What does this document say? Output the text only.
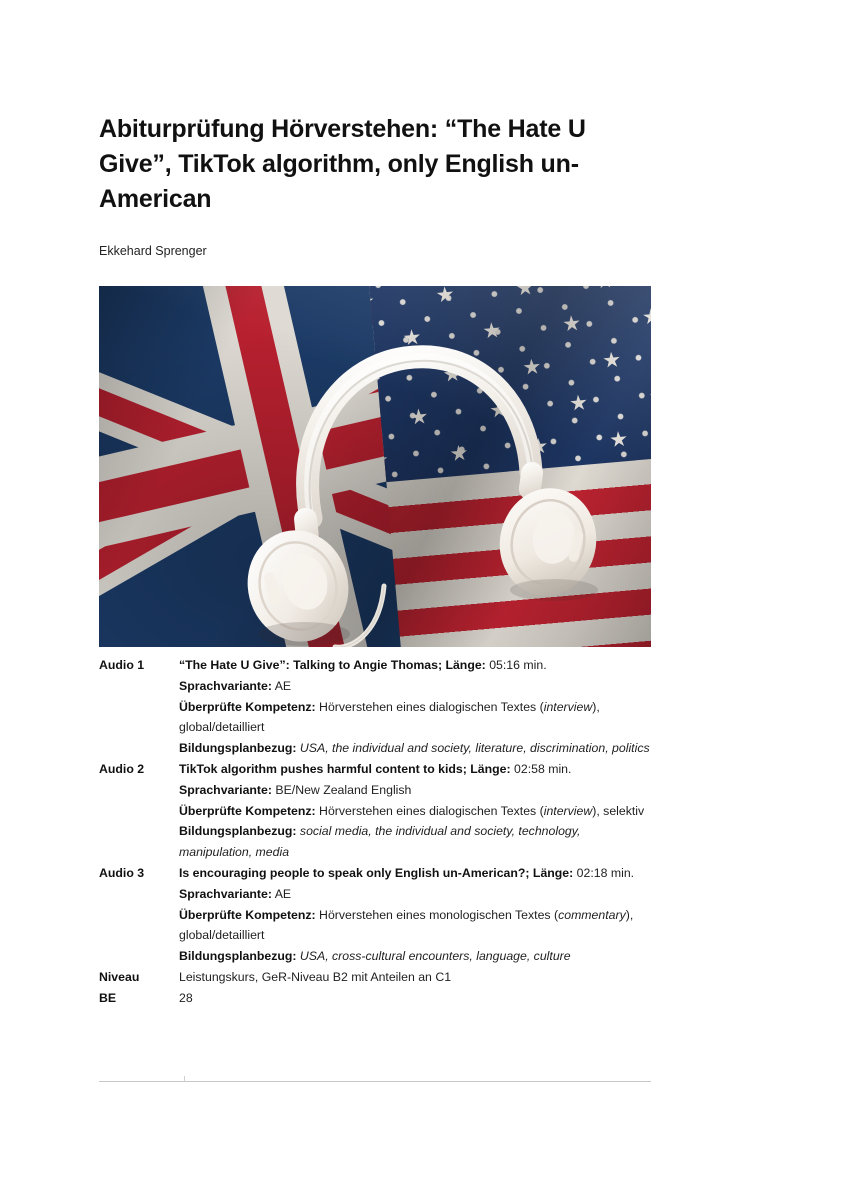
Abiturprüfung Hörverstehen: “The Hate U Give”, TikTok algorithm, only English un-American

Ekkehard Sprenger

Audio 1	“The Hate U Give”: Talking to Angie Thomas; Länge: 05:16 min.
Sprachvariante: AE
Überprüfte Kompetenz: Hörverstehen eines dialogischen Textes (interview), global/detailliert
Bildungsplanbezug: USA, the individual and society, literature, discrimination, politics
Audio 2	TikTok algorithm pushes harmful content to kids; Länge: 02:58 min.
Sprachvariante: BE/New Zealand English
Überprüfte Kompetenz: Hörverstehen eines dialogischen Textes (interview), selektiv
Bildungsplanbezug: social media, the individual and society, technology, manipulation, media
Audio 3	Is encouraging people to speak only English un-American?; Länge: 02:18 min.
Sprachvariante: AE
Überprüfte Kompetenz: Hörverstehen eines monologischen Textes (commentary), global/detailliert
Bildungsplanbezug: USA, cross-cultural encounters, language, culture
Niveau	Leistungskurs, GeR-Niveau B2 mit Anteilen an C1
BE	28
